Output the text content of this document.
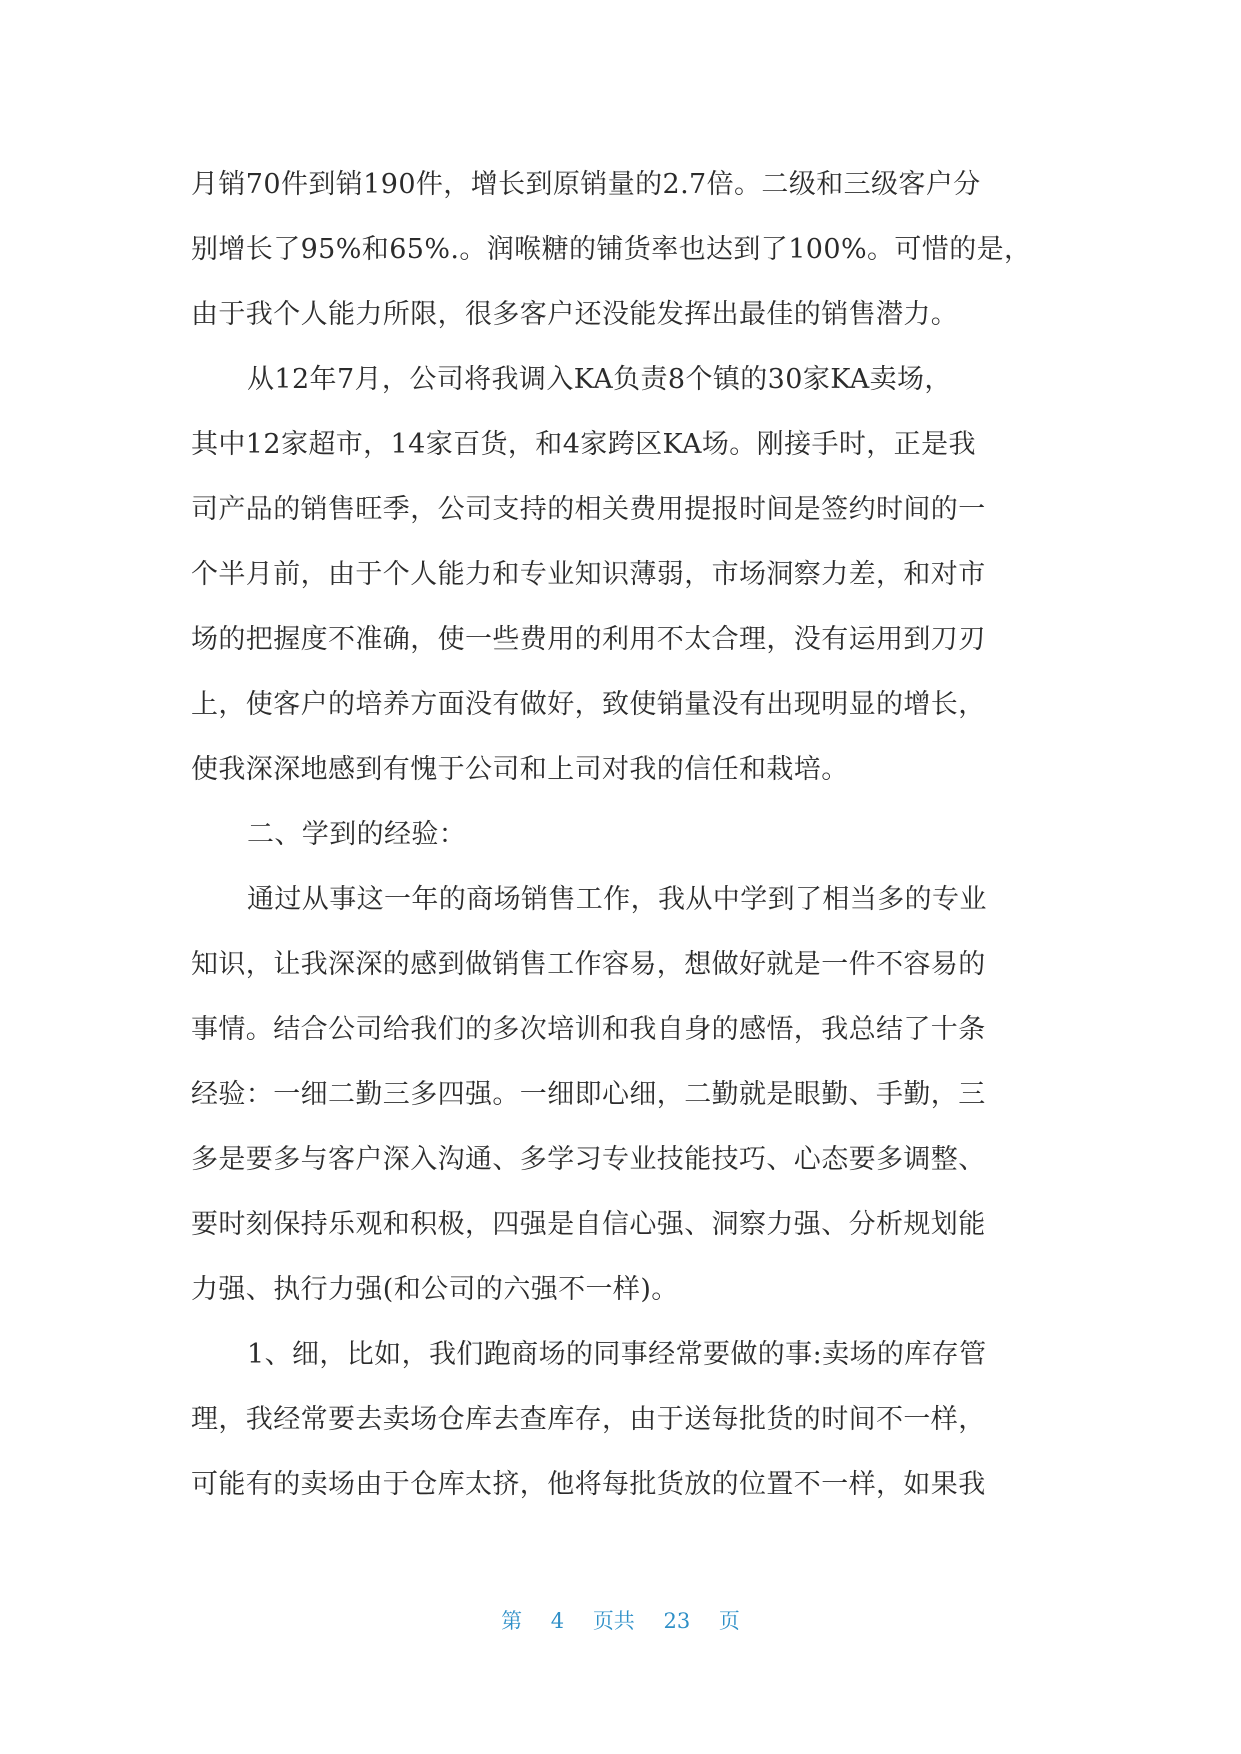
月销70件到销190件，增长到原销量的2.7倍。二级和三级客户分
别增长了95%和65%.。润喉糖的铺货率也达到了100%。可惜的是，
由于我个人能力所限，很多客户还没能发挥出最佳的销售潜力。
从12年7月，公司将我调入KA负责8个镇的30家KA卖场，
其中12家超市，14家百货，和4家跨区KA场。刚接手时，正是我
司产品的销售旺季，公司支持的相关费用提报时间是签约时间的一
个半月前，由于个人能力和专业知识薄弱，市场洞察力差，和对市
场的把握度不准确，使一些费用的利用不太合理，没有运用到刀刃
上，使客户的培养方面没有做好，致使销量没有出现明显的增长，
使我深深地感到有愧于公司和上司对我的信任和栽培。
二、学到的经验：
通过从事这一年的商场销售工作，我从中学到了相当多的专业
知识，让我深深的感到做销售工作容易，想做好就是一件不容易的
事情。结合公司给我们的多次培训和我自身的感悟，我总结了十条
经验：一细二勤三多四强。一细即心细，二勤就是眼勤、手勤，三
多是要多与客户深入沟通、多学习专业技能技巧、心态要多调整、
要时刻保持乐观和积极，四强是自信心强、洞察力强、分析规划能
力强、执行力强(和公司的六强不一样)。
1、细，比如，我们跑商场的同事经常要做的事:卖场的库存管
理，我经常要去卖场仓库去查库存，由于送每批货的时间不一样，
可能有的卖场由于仓库太挤，他将每批货放的位置不一样，如果我
第 4 页共 23 页
